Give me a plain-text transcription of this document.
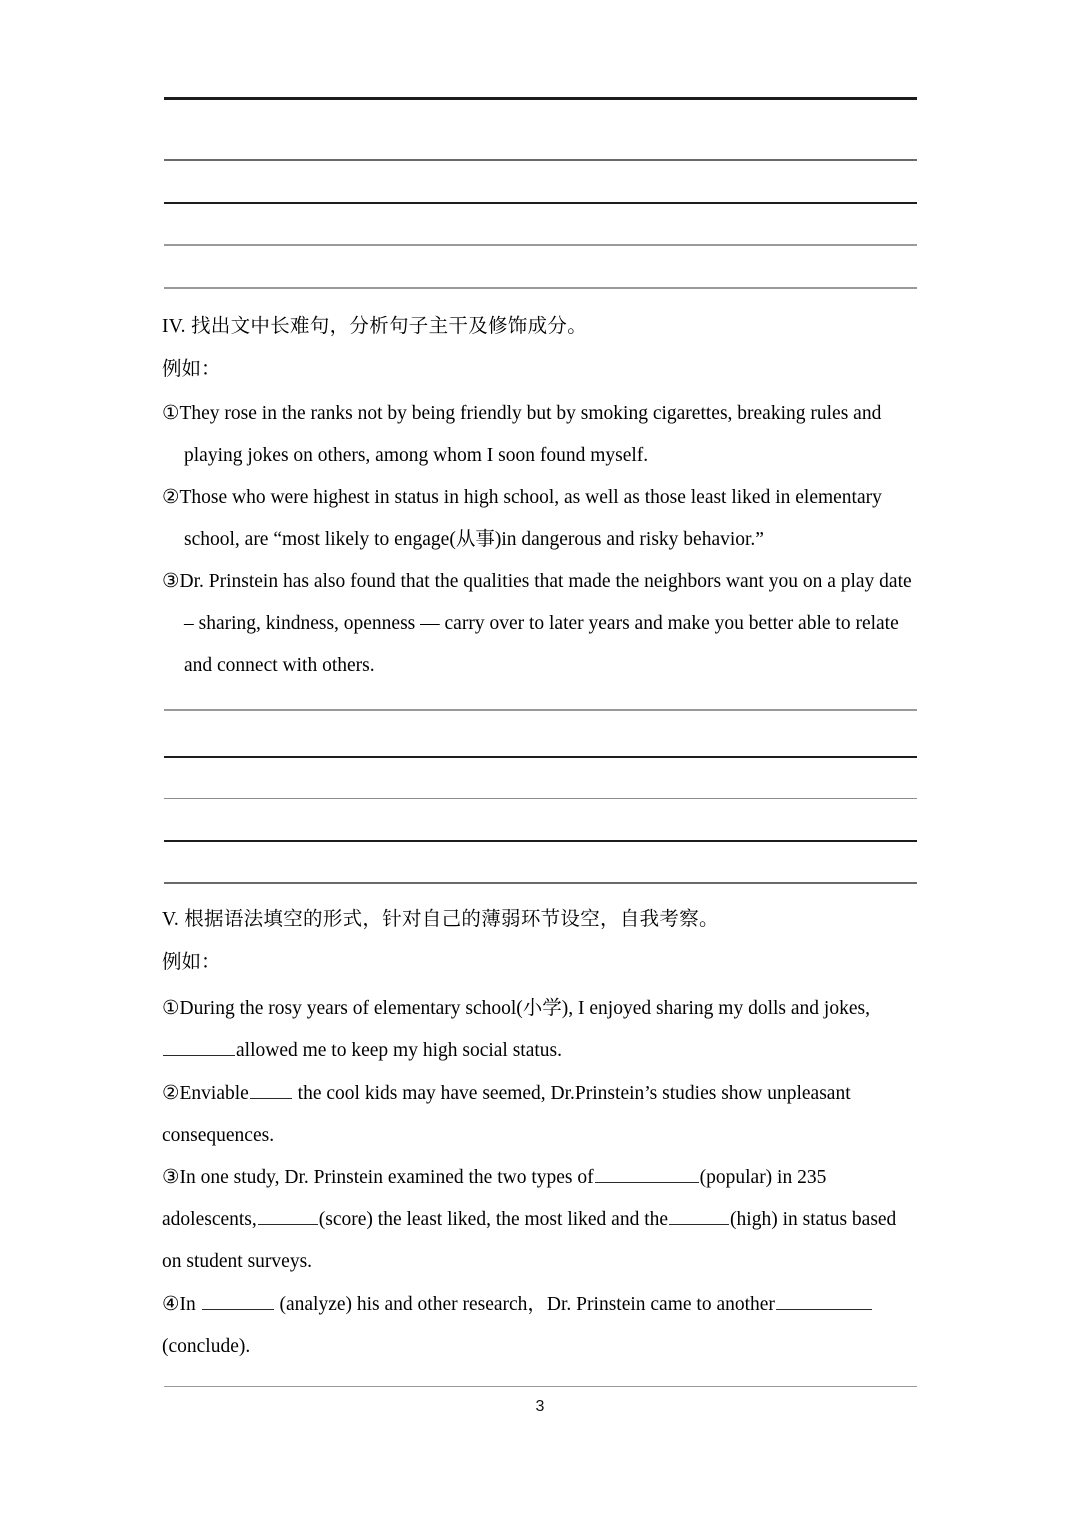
IV. 找出文中长难句，分析句子主干及修饰成分。
例如：
①They rose in the ranks not by being friendly but by smoking cigarettes, breaking rules and
playing jokes on others, among whom I soon found myself.
②Those who were highest in status in high school, as well as those least liked in elementary
school, are “most likely to engage(从事)in dangerous and risky behavior.”
③Dr. Prinstein has also found that the qualities that made the neighbors want you on a play date
– sharing, kindness, openness — carry over to later years and make you better able to relate
and connect with others.
V. 根据语法填空的形式，针对自己的薄弱环节设空，自我考察。
例如：
①During the rosy years of elementary school(小学), I enjoyed sharing my dolls and jokes,
allowed me to keep my high social status.
②Enviable	the cool kids may have seemed, Dr.Prinstein’s studies show unpleasant
consequences.
③In one study, Dr. Prinstein examined the two types of	(popular) in 235
adolescents,	(score) the least liked, the most liked and the	(high) in status based
on student surveys.
④In	(analyze) his and other research，Dr. Prinstein came to another
(conclude).
3
